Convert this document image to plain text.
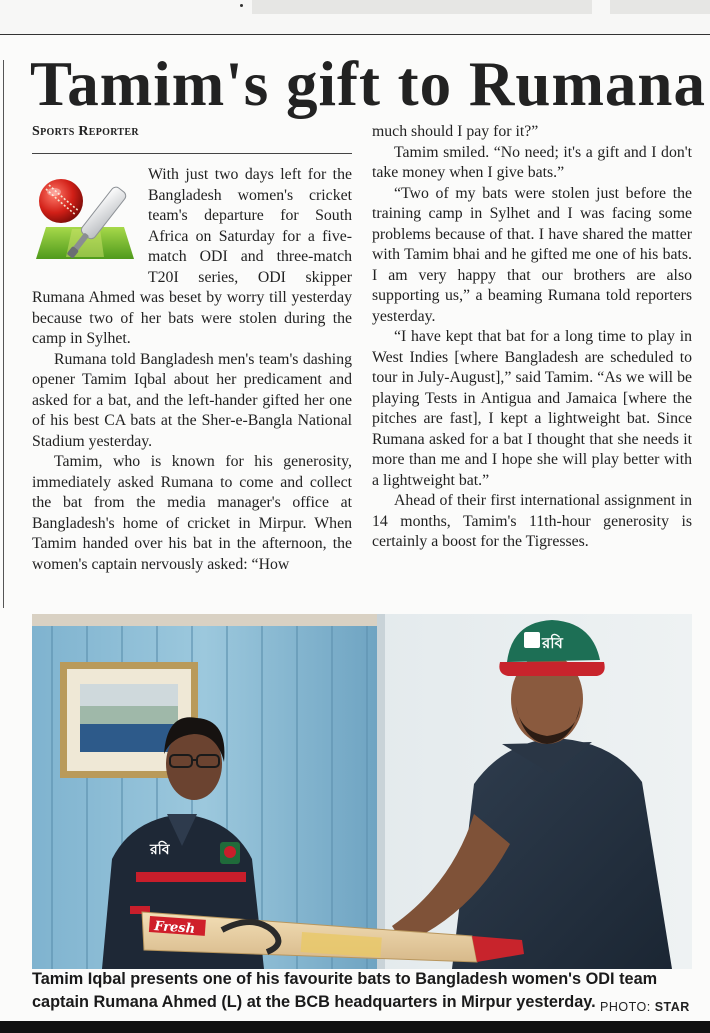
Tamim's gift to Rumana
Sports Reporter

With just two days left for the Bangladesh women's cricket team's departure for South Africa on Saturday for a five-match ODI and three-match T20I series, ODI skipper Rumana Ahmed was beset by worry till yesterday because two of her bats were stolen during the camp in Sylhet.

Rumana told Bangladesh men's team's dashing opener Tamim Iqbal about her predicament and asked for a bat, and the left-hander gifted her one of his best CA bats at the Sher-e-Bangla National Stadium yesterday.

Tamim, who is known for his generosity, immediately asked Rumana to come and collect the bat from the media manager's office at Bangladesh's home of cricket in Mirpur. When Tamim handed over his bat in the afternoon, the women's captain nervously asked: “How

much should I pay for it?”

Tamim smiled. “No need; it's a gift and I don't take money when I give bats.”

“Two of my bats were stolen just before the training camp in Sylhet and I was facing some problems because of that. I have shared the matter with Tamim bhai and he gifted me one of his bats. I am very happy that our brothers are also supporting us,” a beaming Rumana told reporters yesterday.

“I have kept that bat for a long time to play in West Indies [where Bangladesh are scheduled to tour in July-August],” said Tamim. “As we will be playing Tests in Antigua and Jamaica [where the pitches are fast], I kept a lightweight bat. Since Rumana asked for a bat I thought that she needs it more than me and I hope she will play better with a lightweight bat.”

Ahead of their first international assignment in 14 months, Tamim's 11th-hour generosity is certainly a boost for the Tigresses.

রবি
রবি
Fresh
Tamim Iqbal presents one of his favourite bats to Bangladesh women's ODI team captain Rumana Ahmed (L) at the BCB headquarters in Mirpur yesterday. PHOTO: STAR
